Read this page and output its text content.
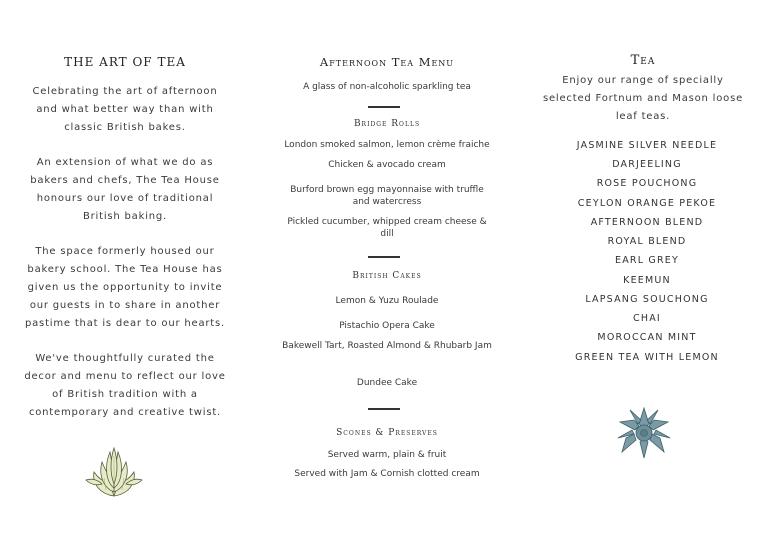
THE ART OF TEA
Celebrating the art of afternoon and what better way than with classic British bakes.
An extension of what we do as bakers and chefs, The Tea House honours our love of traditional British baking.
The space formerly housed our bakery school. The Tea House has given us the opportunity to invite our guests in to share in another pastime that is dear to our hearts.
We've thoughtfully curated the decor and menu to reflect our love of British tradition with a contemporary and creative twist.
Afternoon Tea Menu
A glass of non-alcoholic sparkling tea
Bridge Rolls
London smoked salmon, lemon crème fraiche
Chicken & avocado cream
Burford brown egg mayonnaise with truffle and watercress
Pickled cucumber, whipped cream cheese & dill
British Cakes
Lemon & Yuzu Roulade
Pistachio Opera Cake
Bakewell Tart, Roasted Almond & Rhubarb Jam
Dundee Cake
Scones & Preserves
Served warm, plain & fruit
Served with Jam & Cornish clotted cream
Tea
Enjoy our range of specially selected Fortnum and Mason loose leaf teas.
JASMINE SILVER NEEDLE
DARJEELING
ROSE POUCHONG
CEYLON ORANGE PEKOE
AFTERNOON BLEND
ROYAL BLEND
EARL GREY
KEEMUN
LAPSANG SOUCHONG
CHAI
MOROCCAN MINT
GREEN TEA WITH LEMON
